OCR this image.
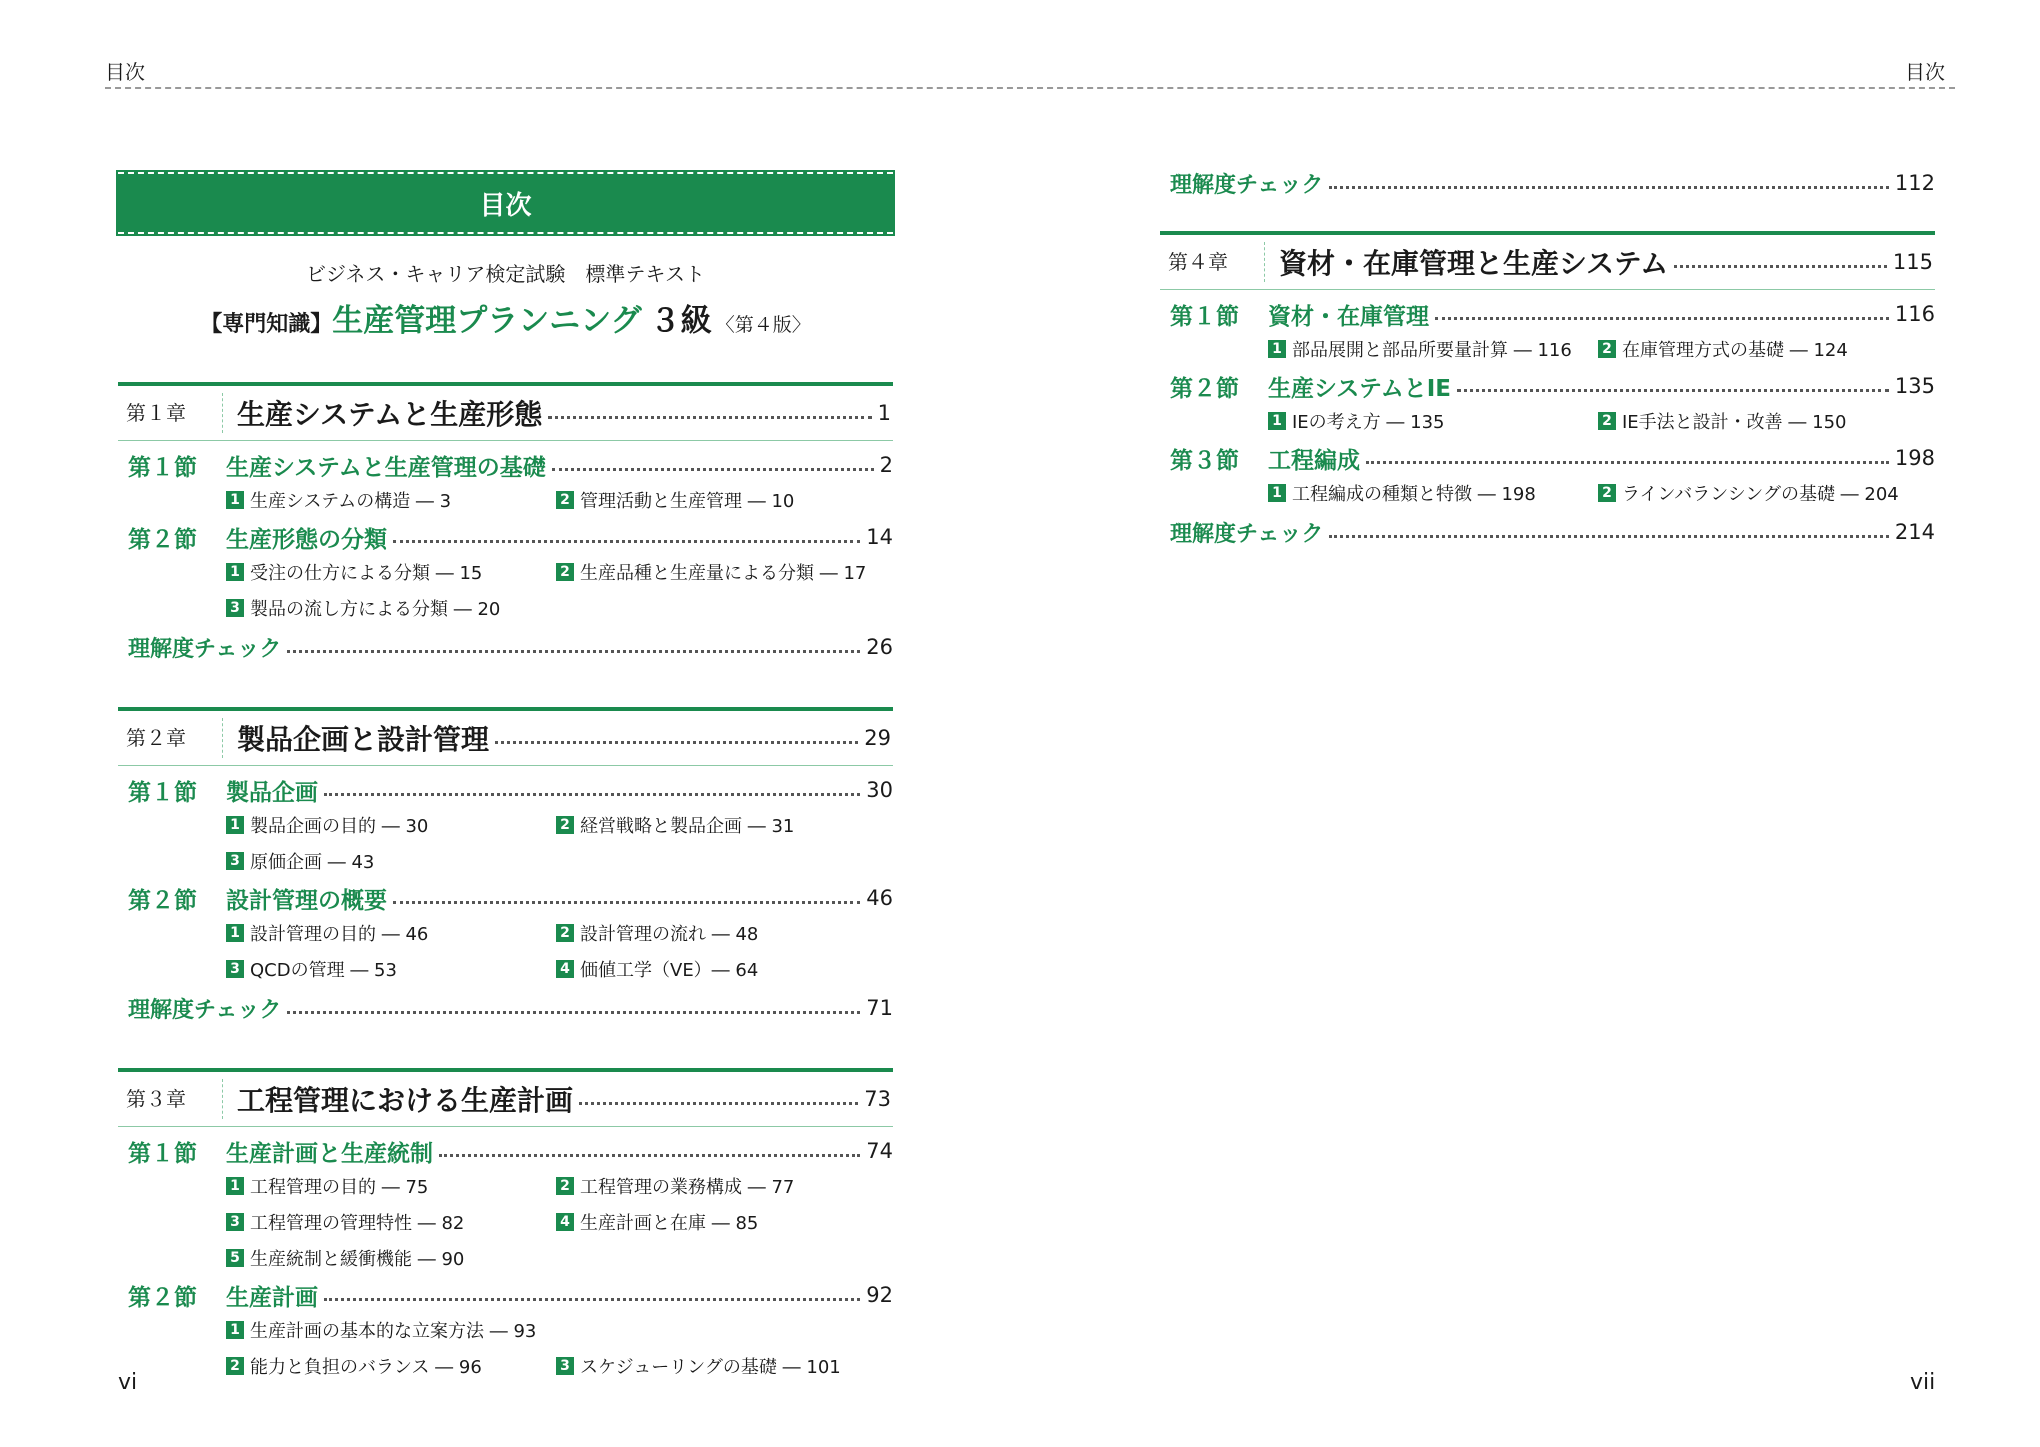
目次	目次
目次
ビジネス・キャリア検定試験　標準テキスト
【専門知識】生産管理プランニング ３級 〈第４版〉
第１章	生産システムと生産形態	1
第１節	生産システムと生産管理の基礎	2
1 生産システムの構造 ― 3	2 管理活動と生産管理 ― 10
第２節	生産形態の分類	14
1 受注の仕方による分類 ― 15	2 生産品種と生産量による分類 ― 17
3 製品の流し方による分類 ― 20
理解度チェック	26
第２章	製品企画と設計管理	29
第１節	製品企画	30
1 製品企画の目的 ― 30	2 経営戦略と製品企画 ― 31
3 原価企画 ― 43
第２節	設計管理の概要	46
1 設計管理の目的 ― 46	2 設計管理の流れ ― 48
3 QCDの管理 ― 53	4 価値工学（VE）― 64
理解度チェック	71
第３章	工程管理における生産計画	73
第１節	生産計画と生産統制	74
1 工程管理の目的 ― 75	2 工程管理の業務構成 ― 77
3 工程管理の管理特性 ― 82	4 生産計画と在庫 ― 85
5 生産統制と緩衝機能 ― 90
第２節	生産計画	92
1 生産計画の基本的な立案方法 ― 93
2 能力と負担のバランス ― 96	3 スケジューリングの基礎 ― 101
理解度チェック	112
第４章	資材・在庫管理と生産システム	115
第１節	資材・在庫管理	116
1 部品展開と部品所要量計算 ― 116 2 在庫管理方式の基礎 ― 124
第２節	生産システムとIE	135
1 IEの考え方 ― 135	2 IE手法と設計・改善 ― 150
第３節	工程編成	198
1 工程編成の種類と特徴 ― 198	2 ラインバランシングの基礎 ― 204
理解度チェック	214
vi	vii
